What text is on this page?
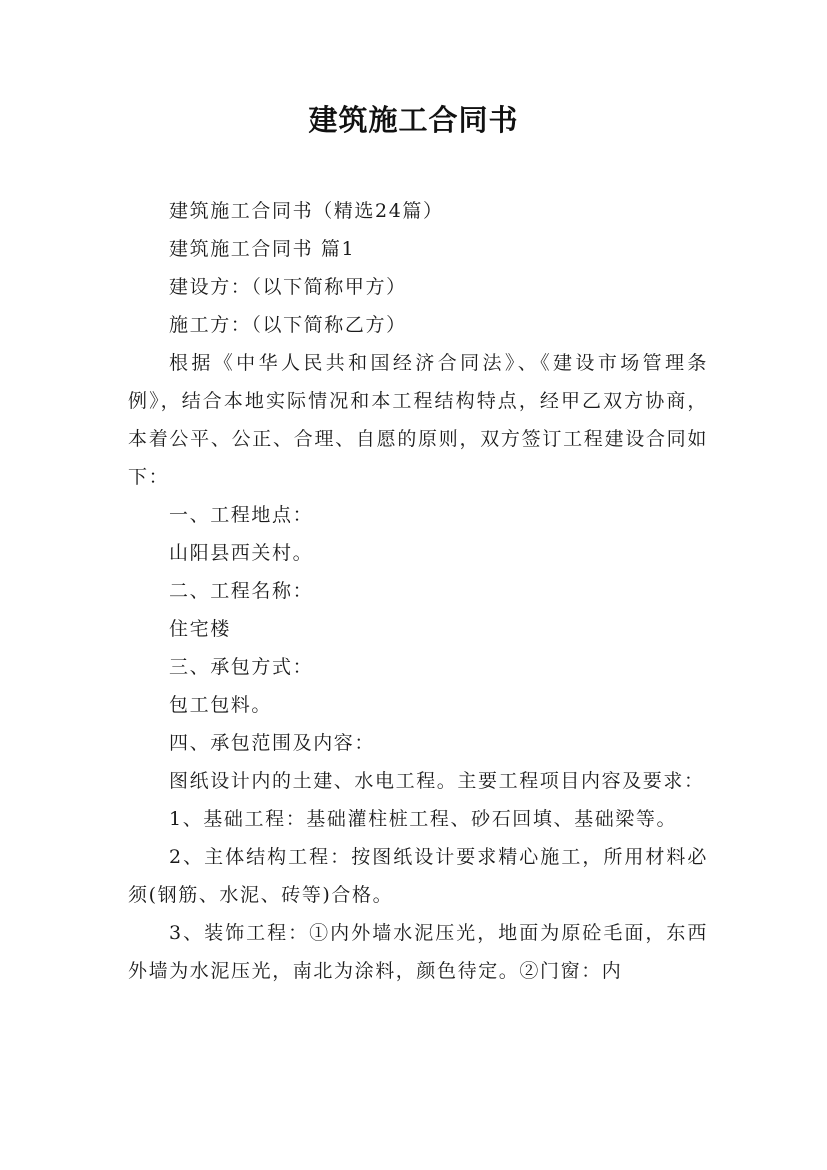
建筑施工合同书

建筑施工合同书（精选24篇）

建筑施工合同书 篇1

建设方：（以下简称甲方）

施工方：（以下简称乙方）

根据《中华人民共和国经济合同法》、《建设市场管理条例》，结合本地实际情况和本工程结构特点，经甲乙双方协商，本着公平、公正、合理、自愿的原则，双方签订工程建设合同如下：

一、工程地点：

山阳县西关村。

二、工程名称：

住宅楼

三、承包方式：

包工包料。

四、承包范围及内容：

图纸设计内的土建、水电工程。主要工程项目内容及要求：

1、基础工程：基础灌柱桩工程、砂石回填、基础梁等。

2、主体结构工程：按图纸设计要求精心施工，所用材料必须(钢筋、水泥、砖等)合格。

3、装饰工程：①内外墙水泥压光，地面为原砼毛面，东西外墙为水泥压光，南北为涂料，颜色待定。②门窗：内
